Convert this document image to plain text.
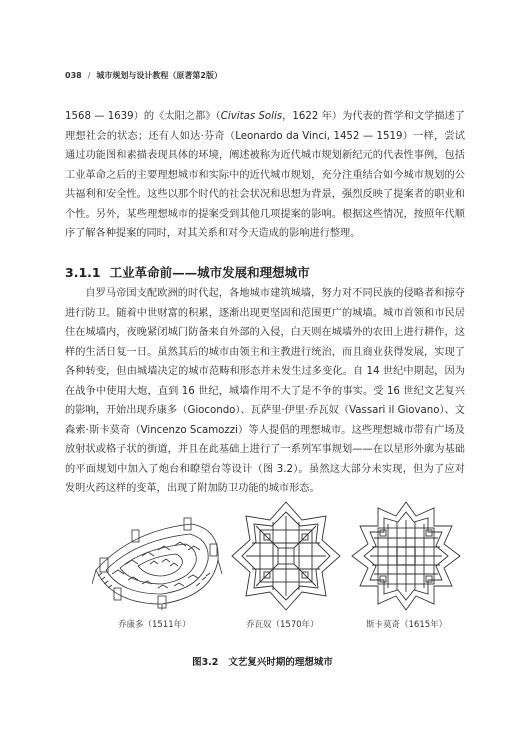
038 / 城市规划与设计教程（原著第2版）
1568 — 1639）的《太阳之都》（Civitas Solis，1622 年）为代表的哲学和文学描述了理想社会的状态；还有人如达·芬奇（Leonardo da Vinci, 1452 — 1519）一样，尝试通过功能图和素描表现具体的环境，阐述被称为近代城市规划新纪元的代表性事例，包括工业革命之后的主要理想城市和实际中的近代城市规划，充分注重结合如今城市规划的公共福利和安全性。这些以那个时代的社会状况和思想为背景，强烈反映了提案者的职业和个性。另外，某些理想城市的提案受到其他几项提案的影响。根据这些情况，按照年代顺序了解各种提案的同时，对其关系和对今天造成的影响进行整理。
3.1.1 工业革命前——城市发展和理想城市
自罗马帝国支配欧洲的时代起，各地城市建筑城墙，努力对不同民族的侵略者和掠夺进行防卫。随着中世财富的积累，逐渐出现更坚固和范围更广的城墙。城市首领和市民居住在城墙内，夜晚紧闭城门防备来自外部的入侵，白天则在城墙外的农田上进行耕作，这样的生活日复一日。虽然其后的城市由领主和主教进行统治，而且商业获得发展，实现了各种转变，但由城墙决定的城市范畴和形态并未发生过多变化。自 14 世纪中期起，因为在战争中使用大炮，直到 16 世纪，城墙作用不大了是不争的事实。受 16 世纪文艺复兴的影响，开始出现乔康多（Giocondo）、瓦萨里·伊里·乔瓦奴（Vassari il Giovano）、文森索·斯卡莫奇（Vincenzo Scamozzi）等人提倡的理想城市。这些理想城市带有广场及放射状或格子状的街道，并且在此基础上进行了一系列军事规划——在以星形外廓为基础的平面规划中加入了炮台和瞭望台等设计（图 3.2）。虽然这大部分未实现，但为了应对发明火药这样的变革，出现了附加防卫功能的城市形态。
乔康多（1511年）	乔瓦奴（1570年）	斯卡莫奇（1615年）
图3.2 文艺复兴时期的理想城市
